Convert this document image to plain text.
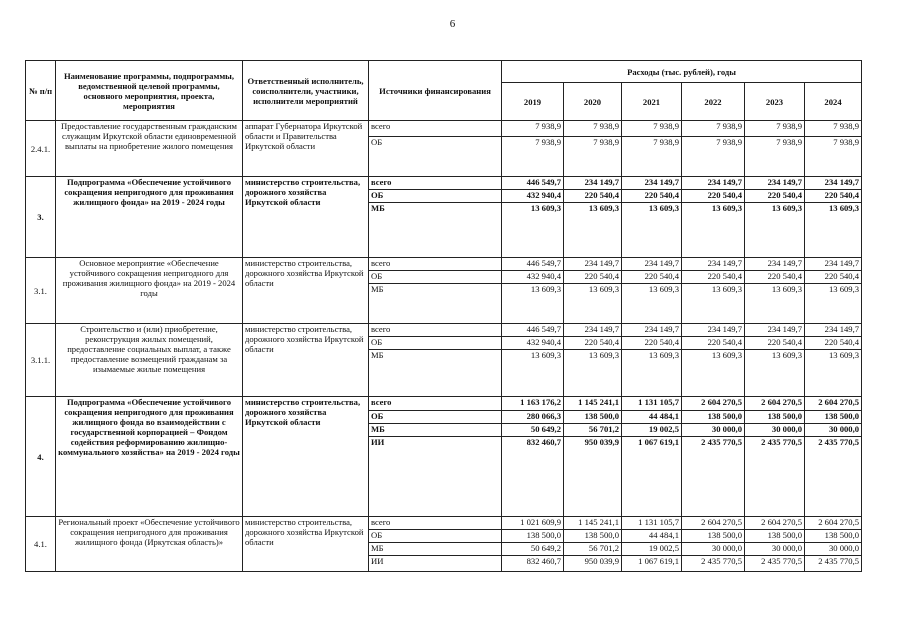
6
№ п/п	Наименование программы, подпрограммы, ведомственной целевой программы, основного мероприятия, проекта, мероприятия	Ответственный исполнитель, соисполнители, участники, исполнители мероприятий	Источники финансирования	Расходы (тыс. рублей), годы					
				2019	2020	2021	2022	2023	2024
2.4.1.	Предоставление государственным гражданским служащим Иркутской области единовременной выплаты на приобретение жилого помещения	аппарат Губернатора Иркутской области и Правительства Иркутской области	всего	7 938,9	7 938,9	7 938,9	7 938,9	7 938,9	7 938,9
			ОБ	7 938,9	7 938,9	7 938,9	7 938,9	7 938,9	7 938,9
3.	Подпрограмма «Обеспечение устойчивого сокращения непригодного для проживания жилищного фонда» на 2019 - 2024 годы	министерство строительства, дорожного хозяйства Иркутской области	всего	446 549,7	234 149,7	234 149,7	234 149,7	234 149,7	234 149,7
			ОБ	432 940,4	220 540,4	220 540,4	220 540,4	220 540,4	220 540,4
			МБ	13 609,3	13 609,3	13 609,3	13 609,3	13 609,3	13 609,3
3.1.	Основное мероприятие «Обеспечение устойчивого сокращения непригодного для проживания жилищного фонда» на 2019 - 2024 годы	министерство строительства, дорожного хозяйства Иркутской области	всего	446 549,7	234 149,7	234 149,7	234 149,7	234 149,7	234 149,7
			ОБ	432 940,4	220 540,4	220 540,4	220 540,4	220 540,4	220 540,4
			МБ	13 609,3	13 609,3	13 609,3	13 609,3	13 609,3	13 609,3
3.1.1.	Строительство и (или) приобретение, реконструкция жилых помещений, предоставление социальных выплат, а также предоставление возмещений гражданам за изымаемые жилые помещения	министерство строительства, дорожного хозяйства Иркутской области	всего	446 549,7	234 149,7	234 149,7	234 149,7	234 149,7	234 149,7
			ОБ	432 940,4	220 540,4	220 540,4	220 540,4	220 540,4	220 540,4
			МБ	13 609,3	13 609,3	13 609,3	13 609,3	13 609,3	13 609,3
4.	Подпрограмма «Обеспечение устойчивого сокращения непригодного для проживания жилищного фонда во взаимодействии с государственной корпорацией – Фондом содействия реформированию жилищно-коммунального хозяйства» на 2019 - 2024 годы	министерство строительства, дорожного хозяйства Иркутской области	всего	1 163 176,2	1 145 241,1	1 131 105,7	2 604 270,5	2 604 270,5	2 604 270,5
			ОБ	280 066,3	138 500,0	44 484,1	138 500,0	138 500,0	138 500,0
			МБ	50 649,2	56 701,2	19 002,5	30 000,0	30 000,0	30 000,0
			ИИ	832 460,7	950 039,9	1 067 619,1	2 435 770,5	2 435 770,5	2 435 770,5
4.1.	Региональный проект «Обеспечение устойчивого сокращения непригодного для проживания жилищного фонда (Иркутская область)»	министерство строительства, дорожного хозяйства Иркутской области	всего	1 021 609,9	1 145 241,1	1 131 105,7	2 604 270,5	2 604 270,5	2 604 270,5
			ОБ	138 500,0	138 500,0	44 484,1	138 500,0	138 500,0	138 500,0
			МБ	50 649,2	56 701,2	19 002,5	30 000,0	30 000,0	30 000,0
			ИИ	832 460,7	950 039,9	1 067 619,1	2 435 770,5	2 435 770,5	2 435 770,5
